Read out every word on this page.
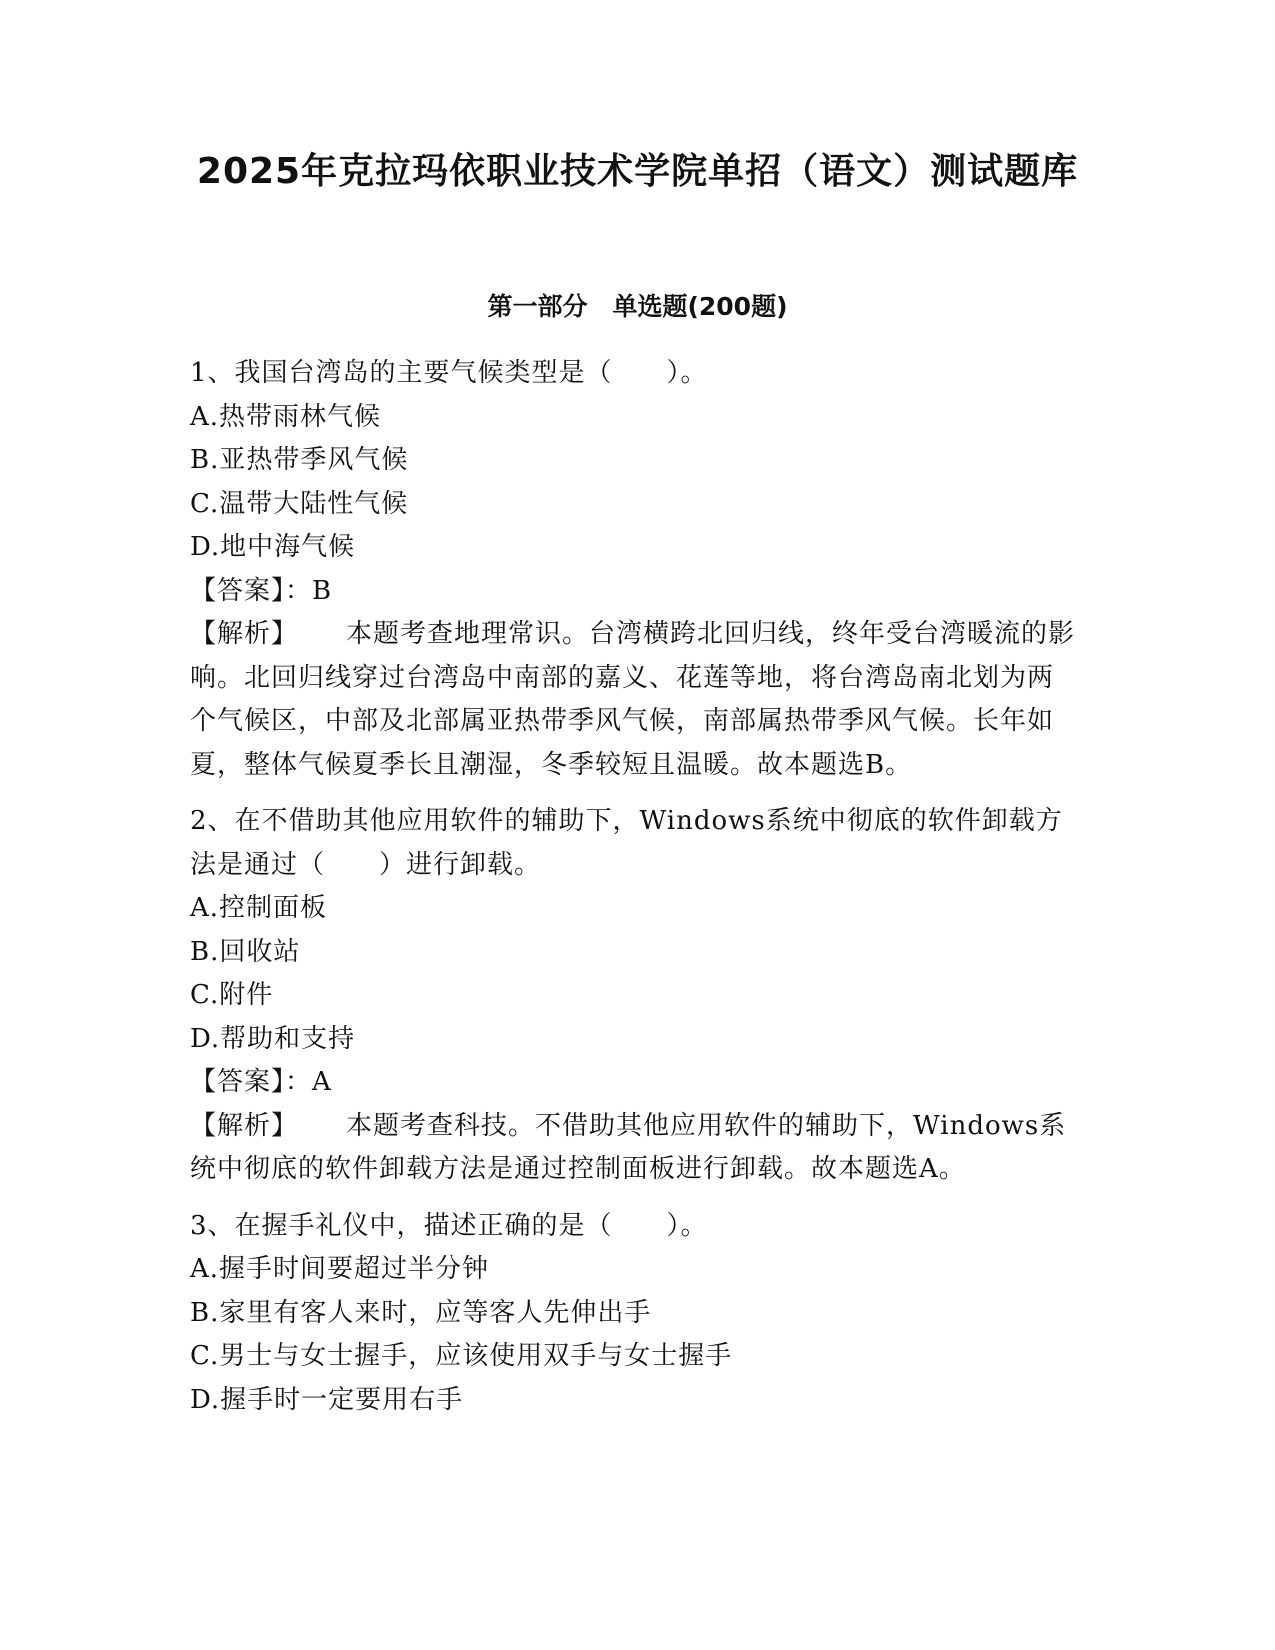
2025年克拉玛依职业技术学院单招（语文）测试题库
第一部分　单选题(200题)
1、我国台湾岛的主要气候类型是（　　）。
A.热带雨林气候
B.亚热带季风气候
C.温带大陆性气候
D.地中海气候
【答案】：B
【解析】 本题考查地理常识。台湾横跨北回归线，终年受台湾暖流的影响。北回归线穿过台湾岛中南部的嘉义、花莲等地，将台湾岛南北划为两个气候区，中部及北部属亚热带季风气候，南部属热带季风气候。长年如夏，整体气候夏季长且潮湿，冬季较短且温暖。故本题选B。
2、在不借助其他应用软件的辅助下，Windows系统中彻底的软件卸载方法是通过（　　）进行卸载。
A.控制面板
B.回收站
C.附件
D.帮助和支持
【答案】：A
【解析】 本题考查科技。不借助其他应用软件的辅助下，Windows系统中彻底的软件卸载方法是通过控制面板进行卸载。故本题选A。
3、在握手礼仪中，描述正确的是（　　）。
A.握手时间要超过半分钟
B.家里有客人来时，应等客人先伸出手
C.男士与女士握手，应该使用双手与女士握手
D.握手时一定要用右手
